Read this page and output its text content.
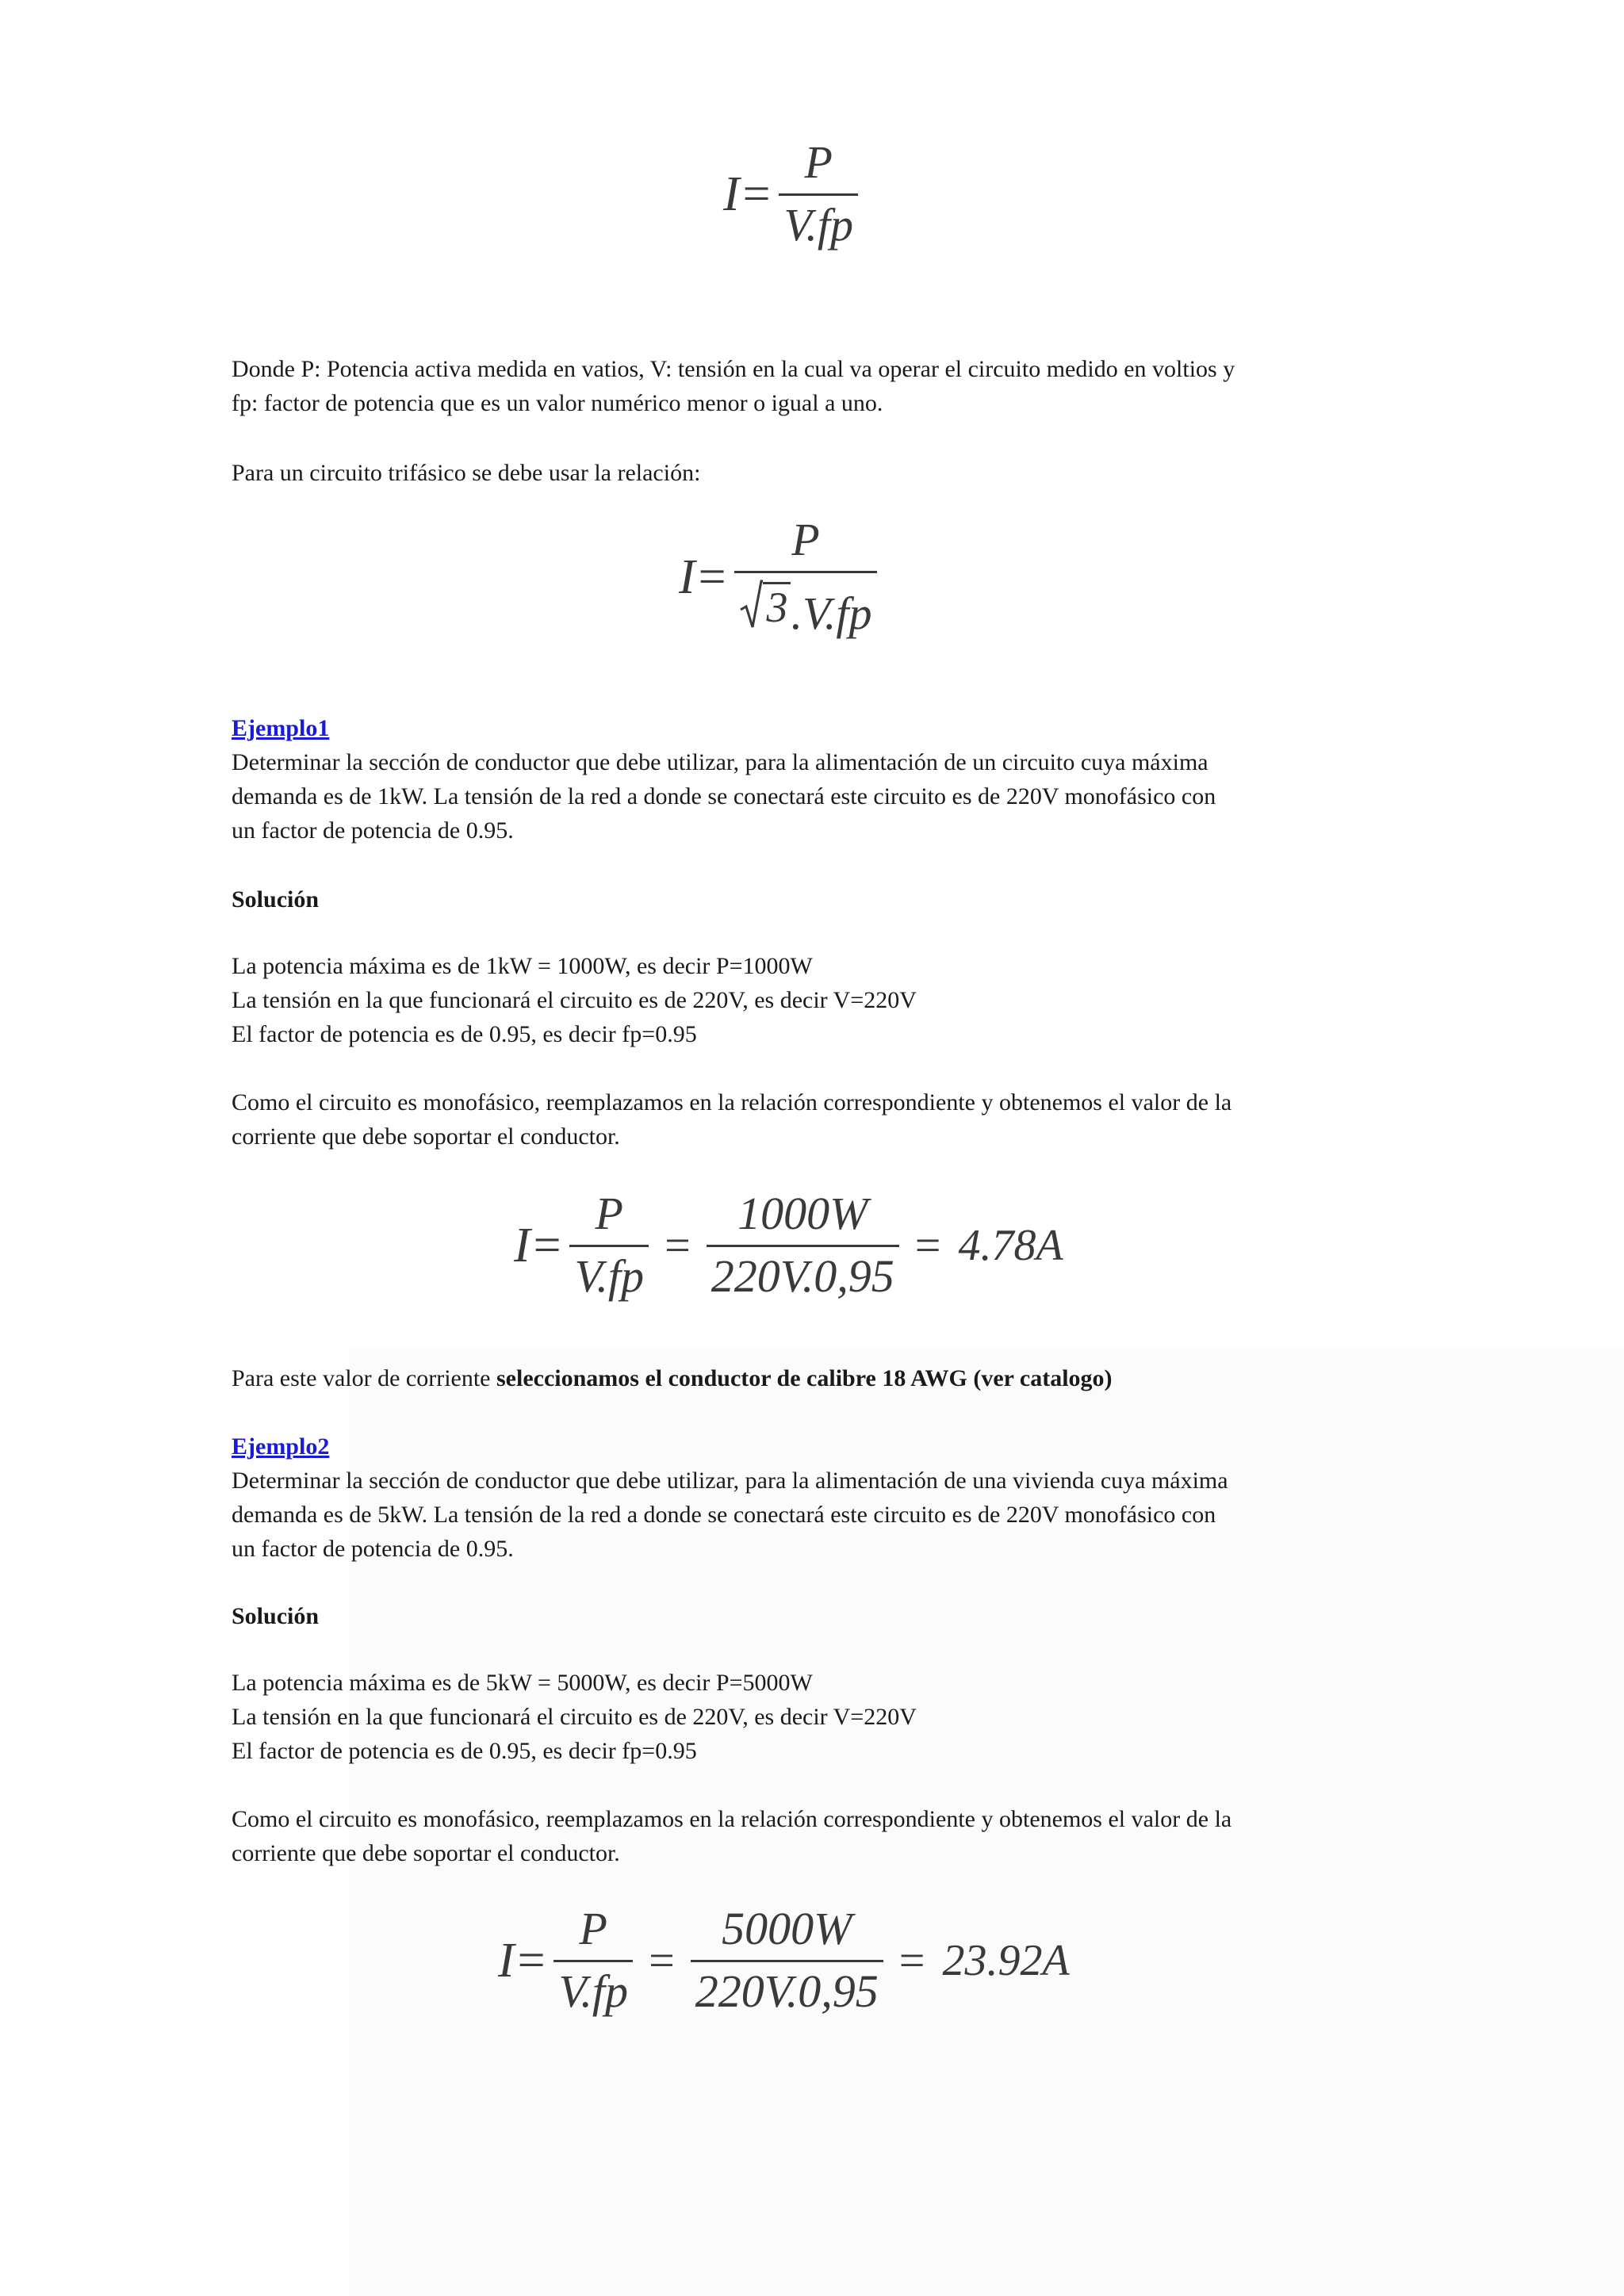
$I= \frac{P}{V.fp}$

Donde P: Potencia activa medida en vatios, V: tensión en la cual va operar el circuito medido en voltios y
fp: factor de potencia que es un valor numérico menor o igual a uno.

Para un circuito trifásico se debe usar la relación:

$I= \frac{P}{3 .V.fp}$

Ejemplo1
Determinar la sección de conductor que debe utilizar, para la alimentación de un circuito cuya máxima
demanda es de 1kW. La tensión de la red a donde se conectará este circuito es de 220V monofásico con
un factor de potencia de 0.95.

Solución

La potencia máxima es de 1kW = 1000W, es decir P=1000W
La tensión en la que funcionará el circuito es de 220V, es decir V=220V
El factor de potencia es de 0.95, es decir fp=0.95

Como el circuito es monofásico, reemplazamos en la relación correspondiente y obtenemos el valor de la
corriente que debe soportar el conductor.

$I= \frac{P}{V.fp} = \frac{1000W}{220V.0,95} = 4.78A$

Para este valor de corriente seleccionamos el conductor de calibre 18 AWG (ver catalogo)

Ejemplo2
Determinar la sección de conductor que debe utilizar, para la alimentación de una vivienda cuya máxima
demanda es de 5kW. La tensión de la red a donde se conectará este circuito es de 220V monofásico con
un factor de potencia de 0.95.

Solución

La potencia máxima es de 5kW = 5000W, es decir P=5000W
La tensión en la que funcionará el circuito es de 220V, es decir V=220V
El factor de potencia es de 0.95, es decir fp=0.95

Como el circuito es monofásico, reemplazamos en la relación correspondiente y obtenemos el valor de la
corriente que debe soportar el conductor.

$I= \frac{P}{V.fp} = \frac{5000W}{220V.0,95} = 23.92A$
